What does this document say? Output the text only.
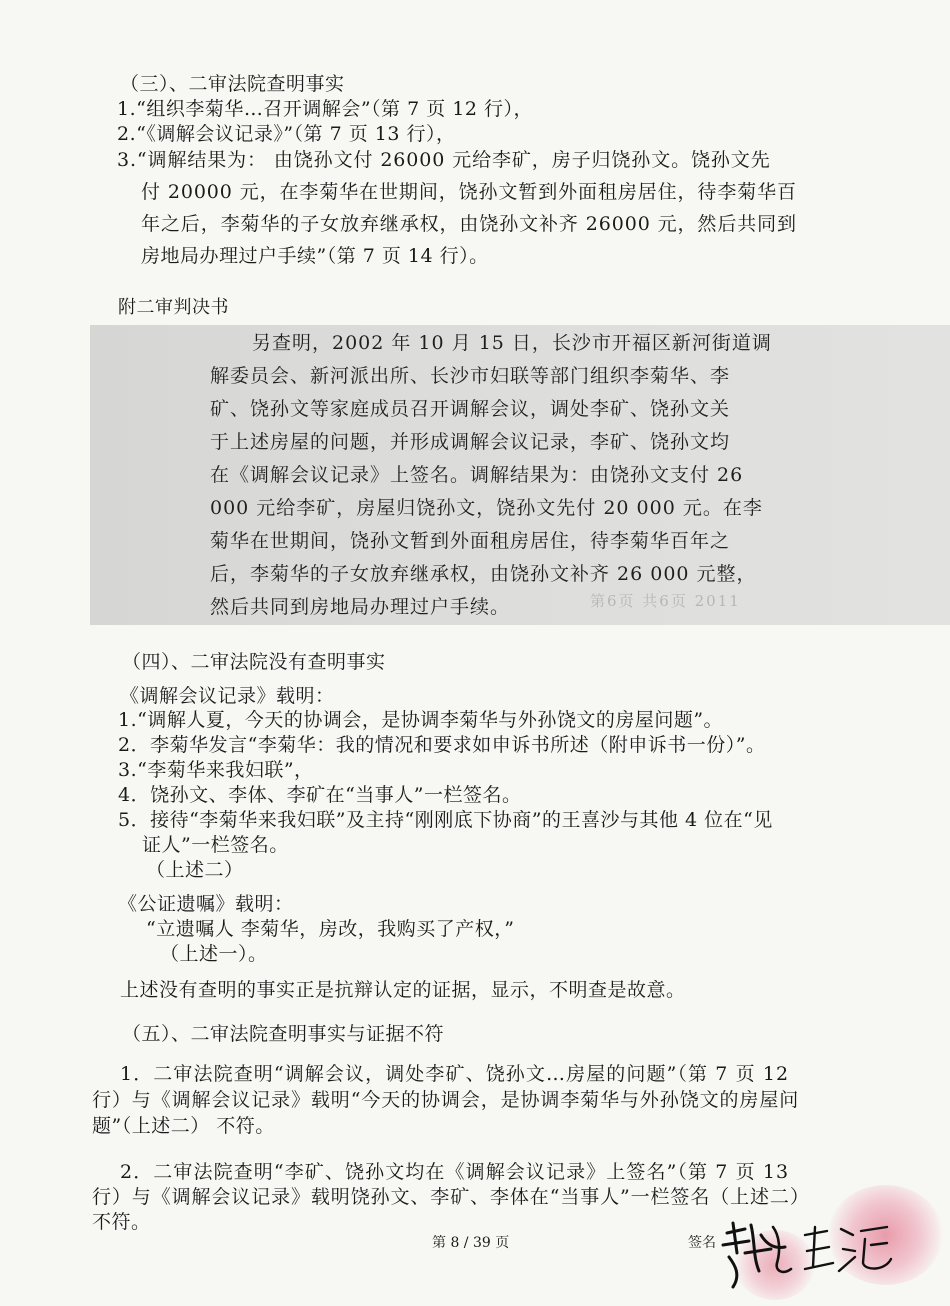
（三）、二审法院查明事实
1.“组织李菊华…召开调解会”（第 7 页 12 行），
2.“《调解会议记录》”（第 7 页 13 行），
3.“调解结果为： 由饶孙文付 26000 元给李矿，房子归饶孙文。饶孙文先
付 20000 元，在李菊华在世期间，饶孙文暂到外面租房居住，待李菊华百
年之后，李菊华的子女放弃继承权，由饶孙文补齐 26000 元，然后共同到
房地局办理过户手续”（第 7 页 14 行）。
附二审判决书
另查明，2002 年 10 月 15 日，长沙市开福区新河街道调
解委员会、新河派出所、长沙市妇联等部门组织李菊华、李
矿、饶孙文等家庭成员召开调解会议，调处李矿、饶孙文关
于上述房屋的问题，并形成调解会议记录，李矿、饶孙文均
在《调解会议记录》上签名。调解结果为：由饶孙文支付 26
000 元给李矿，房屋归饶孙文，饶孙文先付 20 000 元。在李
菊华在世期间，饶孙文暂到外面租房居住，待李菊华百年之
后，李菊华的子女放弃继承权，由饶孙文补齐 26 000 元整，
然后共同到房地局办理过户手续。	第6页 共6页 2011
（四）、二审法院没有查明事实
《调解会议记录》载明：
1.“调解人夏，今天的协调会，是协调李菊华与外孙饶文的房屋问题”。
2．李菊华发言“李菊华：我的情况和要求如申诉书所述（附申诉书一份）”。
3.“李菊华来我妇联”，
4．饶孙文、李体、李矿在“当事人”一栏签名。
5．接待“李菊华来我妇联”及主持“刚刚底下协商”的王喜沙与其他 4 位在“见
证人”一栏签名。
（上述二）
《公证遗嘱》载明：
“立遗嘱人 李菊华，房改，我购买了产权，”
（上述一）。
上述没有查明的事实正是抗辩认定的证据，显示，不明查是故意。
（五）、二审法院查明事实与证据不符
1．二审法院查明“调解会议，调处李矿、饶孙文…房屋的问题”（第 7 页 12
行）与《调解会议记录》载明“今天的协调会，是协调李菊华与外孙饶文的房屋问
题”（上述二） 不符。
2．二审法院查明“李矿、饶孙文均在《调解会议记录》上签名”（第 7 页 13
行）与《调解会议记录》载明饶孙文、李矿、李体在“当事人”一栏签名（上述二）
不符。
第 8 / 39 页	签名
